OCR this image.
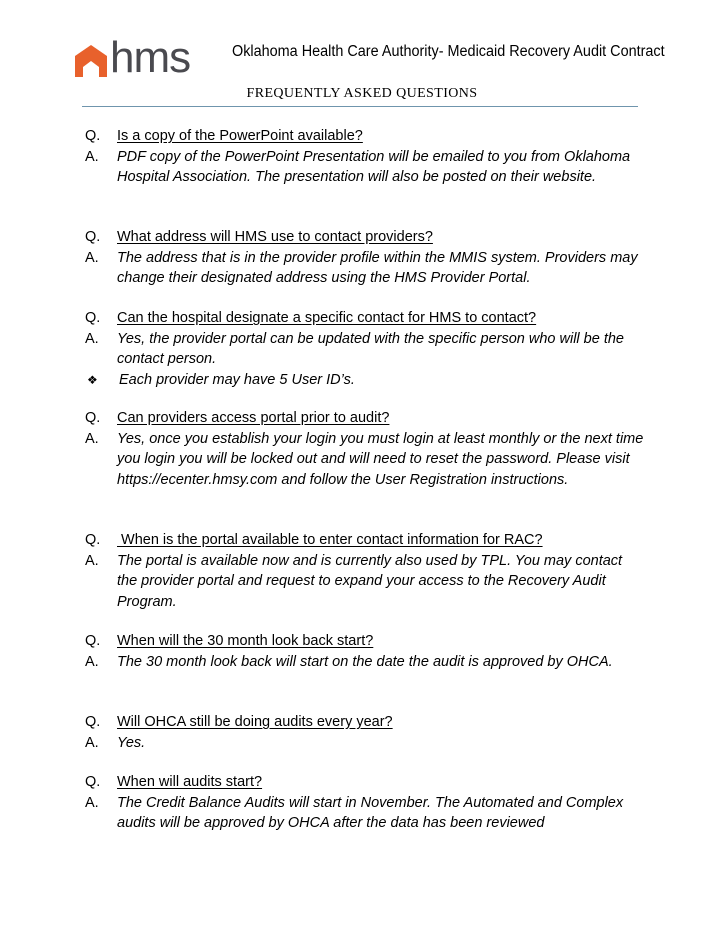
hms	Oklahoma Health Care Authority- Medicaid Recovery Audit Contract
FREQUENTLY ASKED QUESTIONS
Q.	Is a copy of the PowerPoint available?
A.	PDF copy of the PowerPoint Presentation will be emailed to you from Oklahoma Hospital Association. The presentation will also be posted on their website.
Q.	What address will HMS use to contact providers?
A.	The address that is in the provider profile within the MMIS system. Providers may change their designated address using the HMS Provider Portal.
Q.	Can the hospital designate a specific contact for HMS to contact?
A.	Yes, the provider portal can be updated with the specific person who will be the contact person.
❖	Each provider may have 5 User ID’s.
Q.	Can providers access portal prior to audit?
A.	Yes, once you establish your login you must login at least monthly or the next time you login you will be locked out and will need to reset the password. Please visit https://ecenter.hmsy.com and follow the User Registration instructions.
Q.	When is the portal available to enter contact information for RAC?
A.	The portal is available now and is currently also used by TPL. You may contact the provider portal and request to expand your access to the Recovery Audit Program.
Q.	When will the 30 month look back start?
A.	The 30 month look back will start on the date the audit is approved by OHCA.
Q.	Will OHCA still be doing audits every year?
A.	Yes.
Q.	When will audits start?
A.	The Credit Balance Audits will start in November. The Automated and Complex audits will be approved by OHCA after the data has been reviewed
